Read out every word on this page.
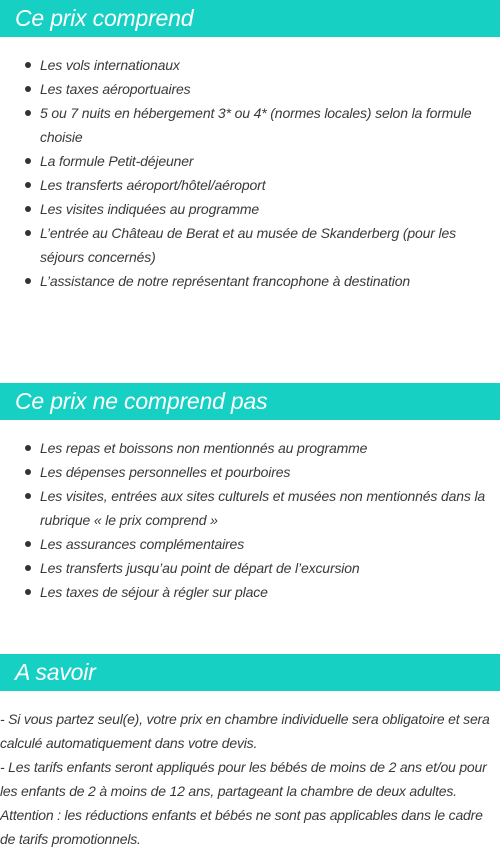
Ce prix comprend
Les vols internationaux
Les taxes aéroportuaires
5 ou 7 nuits en hébergement 3* ou 4* (normes locales) selon la formule choisie
La formule Petit-déjeuner
Les transferts aéroport/hôtel/aéroport
Les visites indiquées au programme
L’entrée au Château de Berat et au musée de Skanderberg (pour les séjours concernés)
L’assistance de notre représentant francophone à destination
Ce prix ne comprend pas
Les repas et boissons non mentionnés au programme
Les dépenses personnelles et pourboires
Les visites, entrées aux sites culturels et musées non mentionnés dans la rubrique « le prix comprend »
Les assurances complémentaires
Les transferts jusqu’au point de départ de l’excursion
Les taxes de séjour à régler sur place
A savoir

- Si vous partez seul(e), votre prix en chambre individuelle sera obligatoire et sera calculé automatiquement dans votre devis.

- Les tarifs enfants seront appliqués pour les bébés de moins de 2 ans et/ou pour les enfants de 2 à moins de 12 ans, partageant la chambre de deux adultes.

Attention : les réductions enfants et bébés ne sont pas applicables dans le cadre de tarifs promotionnels.
